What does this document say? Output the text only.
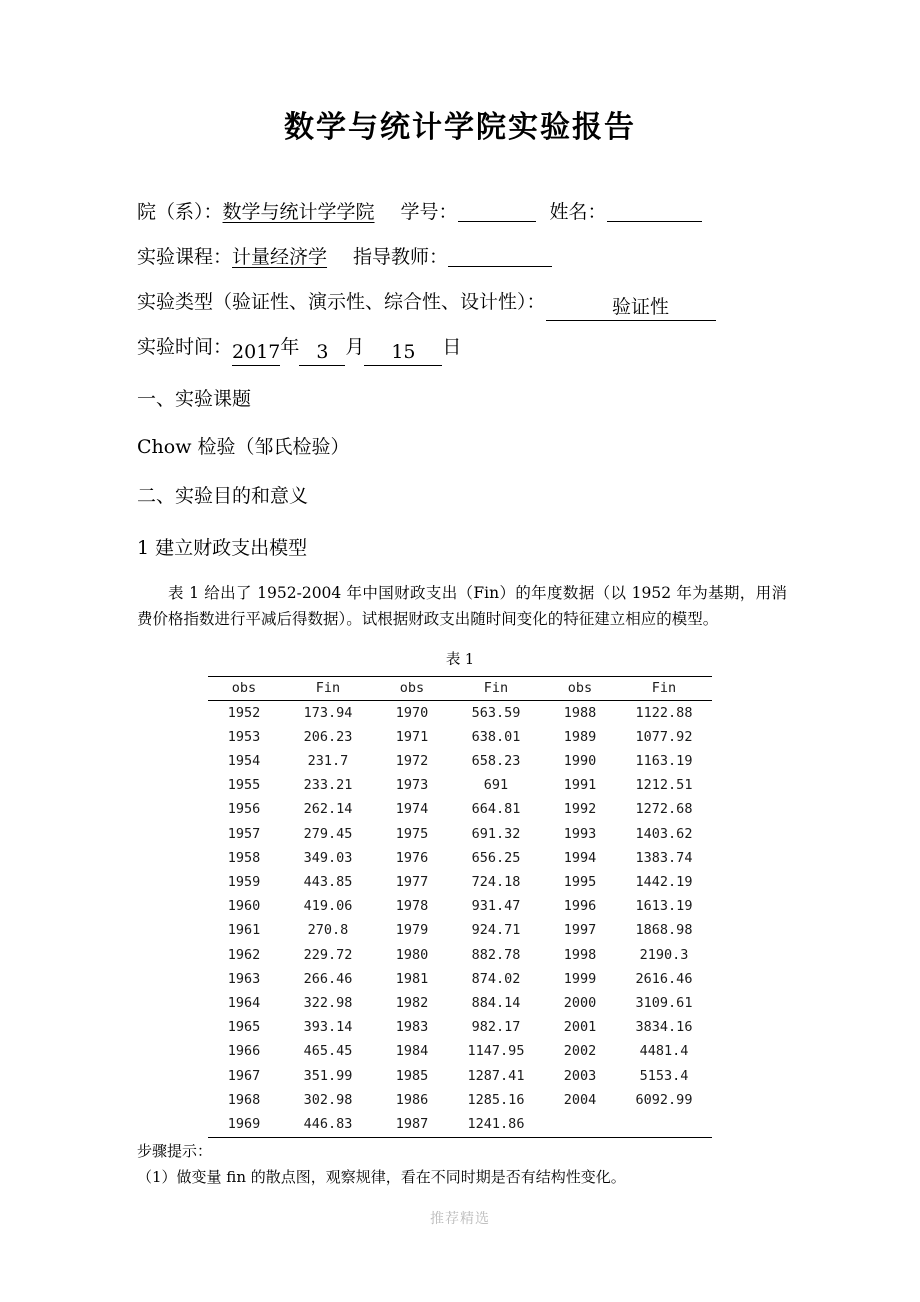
数学与统计学院实验报告
院（系）：数学与统计学学院 学号：	姓名：
实验课程：计量经济学 指导教师：
实验类型（验证性、演示性、综合性、设计性）：	验证性
实验时间：2017年 3 月 15 日
一、实验课题
Chow 检验（邹氏检验）
二、实验目的和意义
1 建立财政支出模型
表 1 给出了 1952-2004 年中国财政支出（Fin）的年度数据（以 1952 年为基期，用消费价格指数进行平减后得数据）。试根据财政支出随时间变化的特征建立相应的模型。
表 1
obs	Fin	obs	Fin	obs	Fin
1952	173.94	1970	563.59	1988	1122.88
1953	206.23	1971	638.01	1989	1077.92
1954	231.7	1972	658.23	1990	1163.19
1955	233.21	1973	691	1991	1212.51
1956	262.14	1974	664.81	1992	1272.68
1957	279.45	1975	691.32	1993	1403.62
1958	349.03	1976	656.25	1994	1383.74
1959	443.85	1977	724.18	1995	1442.19
1960	419.06	1978	931.47	1996	1613.19
1961	270.8	1979	924.71	1997	1868.98
1962	229.72	1980	882.78	1998	2190.3
1963	266.46	1981	874.02	1999	2616.46
1964	322.98	1982	884.14	2000	3109.61
1965	393.14	1983	982.17	2001	3834.16
1966	465.45	1984	1147.95	2002	4481.4
1967	351.99	1985	1287.41	2003	5153.4
1968	302.98	1986	1285.16	2004	6092.99
1969	446.83	1987	1241.86		
步骤提示：
（1）做变量 fin 的散点图，观察规律，看在不同时期是否有结构性变化。
推荐精选
